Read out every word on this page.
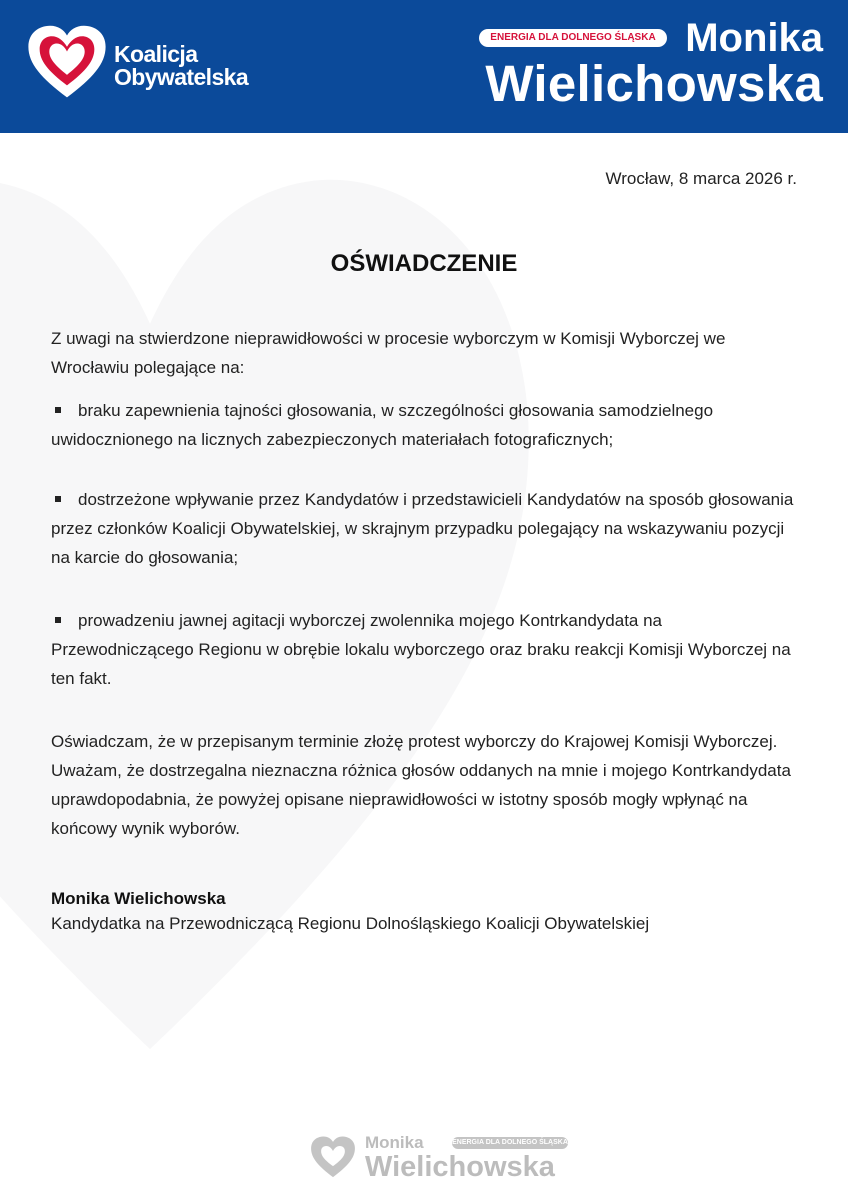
Koalicja
Obywatelska
ENERGIA DLA DOLNEGO ŚLĄSKA Monika
Wielichowska
Wrocław, 8 marca 2026 r.
OŚWIADCZENIE

Z uwagi na stwierdzone nieprawidłowości w procesie wyborczym w Komisji Wyborczej we Wrocławiu polegające na:

braku zapewnienia tajności głosowania, w szczególności głosowania samodzielnego uwidocznionego na licznych zabezpieczonych materiałach fotograficznych;

dostrzeżone wpływanie przez Kandydatów i przedstawicieli Kandydatów na sposób głosowania przez członków Koalicji Obywatelskiej, w skrajnym przypadku polegający na wskazywaniu pozycji na karcie do głosowania;

prowadzeniu jawnej agitacji wyborczej zwolennika mojego Kontrkandydata na Przewodniczącego Regionu w obrębie lokalu wyborczego oraz braku reakcji Komisji Wyborczej na ten fakt.

Oświadczam, że w przepisanym terminie złożę protest wyborczy do Krajowej Komisji Wyborczej. Uważam, że dostrzegalna nieznaczna różnica głosów oddanych na mnie i mojego Kontrkandydata uprawdopodabnia, że powyżej opisane nieprawidłowości w istotny sposób mogły wpłynąć na końcowy wynik wyborów.

Monika Wielichowska
Kandydatka na Przewodniczącą Regionu Dolnośląskiego Koalicji Obywatelskiej
Monika	ENERGIA DLA DOLNEGO ŚLĄSKA
Wielichowska
